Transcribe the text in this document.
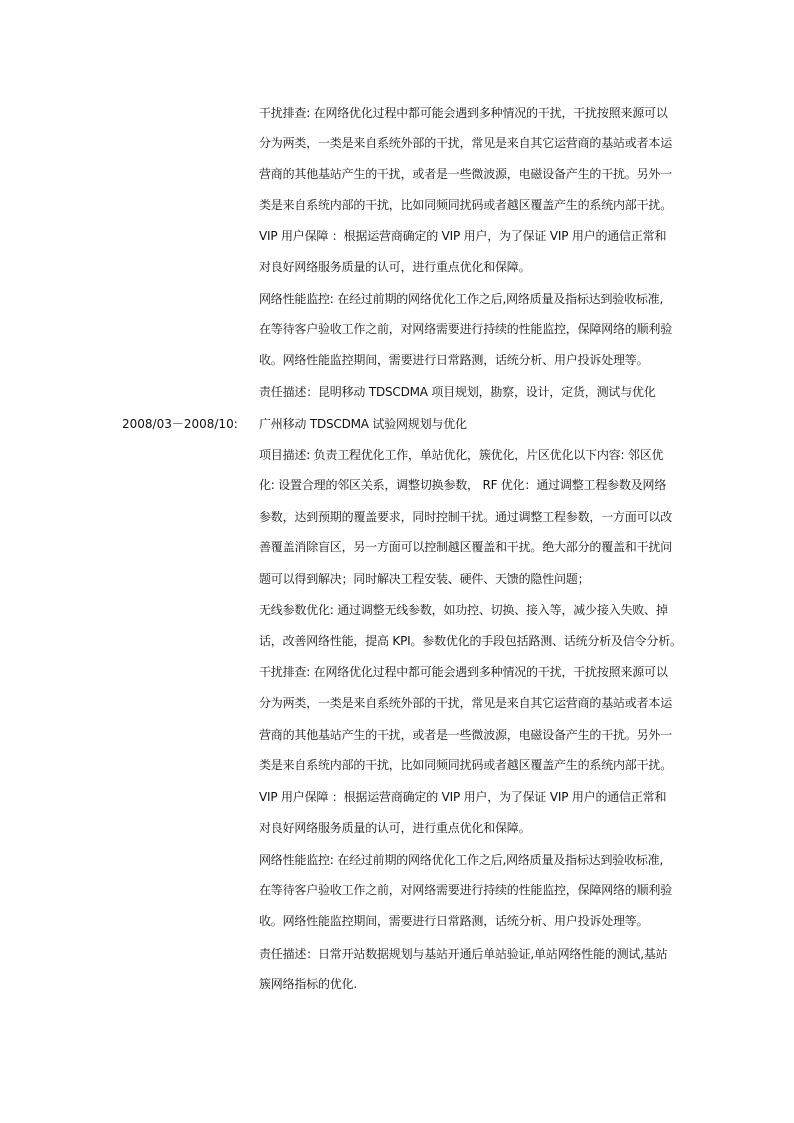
干扰排查: 在网络优化过程中都可能会遇到多种情况的干扰，干扰按照来源可以
分为两类，一类是来自系统外部的干扰，常见是来自其它运营商的基站或者本运
营商的其他基站产生的干扰，或者是一些微波源，电磁设备产生的干扰。另外一
类是来自系统内部的干扰，比如同频同扰码或者越区覆盖产生的系统内部干扰。
VIP 用户保障 ：根据运营商确定的 VIP 用户，为了保证 VIP 用户的通信正常和
对良好网络服务质量的认可，进行重点优化和保障。
网络性能监控: 在经过前期的网络优化工作之后,网络质量及指标达到验收标准,
在等待客户验收工作之前，对网络需要进行持续的性能监控，保障网络的顺利验
收。网络性能监控期间，需要进行日常路测，话统分析、用户投诉处理等。
责任描述：昆明移动 TDSCDMA 项目规划，勘察，设计，定货，测试与优化
2008/03－2008/10:	广州移动 TDSCDMA 试验网规划与优化
项目描述: 负责工程优化工作，单站优化，簇优化，片区优化以下内容: 邻区优
化: 设置合理的邻区关系，调整切换参数， RF 优化：通过调整工程参数及网络
参数，达到预期的覆盖要求，同时控制干扰。通过调整工程参数，一方面可以改
善覆盖消除盲区，另一方面可以控制越区覆盖和干扰。绝大部分的覆盖和干扰问
题可以得到解决；同时解决工程安装、硬件、天馈的隐性问题；
无线参数优化: 通过调整无线参数，如功控、切换、接入等，减少接入失败、掉
话，改善网络性能，提高 KPI。参数优化的手段包括路测、话统分析及信令分析。
干扰排查: 在网络优化过程中都可能会遇到多种情况的干扰，干扰按照来源可以
分为两类，一类是来自系统外部的干扰，常见是来自其它运营商的基站或者本运
营商的其他基站产生的干扰，或者是一些微波源，电磁设备产生的干扰。另外一
类是来自系统内部的干扰，比如同频同扰码或者越区覆盖产生的系统内部干扰。
VIP 用户保障 ：根据运营商确定的 VIP 用户，为了保证 VIP 用户的通信正常和
对良好网络服务质量的认可，进行重点优化和保障。
网络性能监控: 在经过前期的网络优化工作之后,网络质量及指标达到验收标准,
在等待客户验收工作之前，对网络需要进行持续的性能监控，保障网络的顺利验
收。网络性能监控期间，需要进行日常路测，话统分析、用户投诉处理等。
责任描述：日常开站数据规划与基站开通后单站验证,单站网络性能的测试,基站
簇网络指标的优化.
